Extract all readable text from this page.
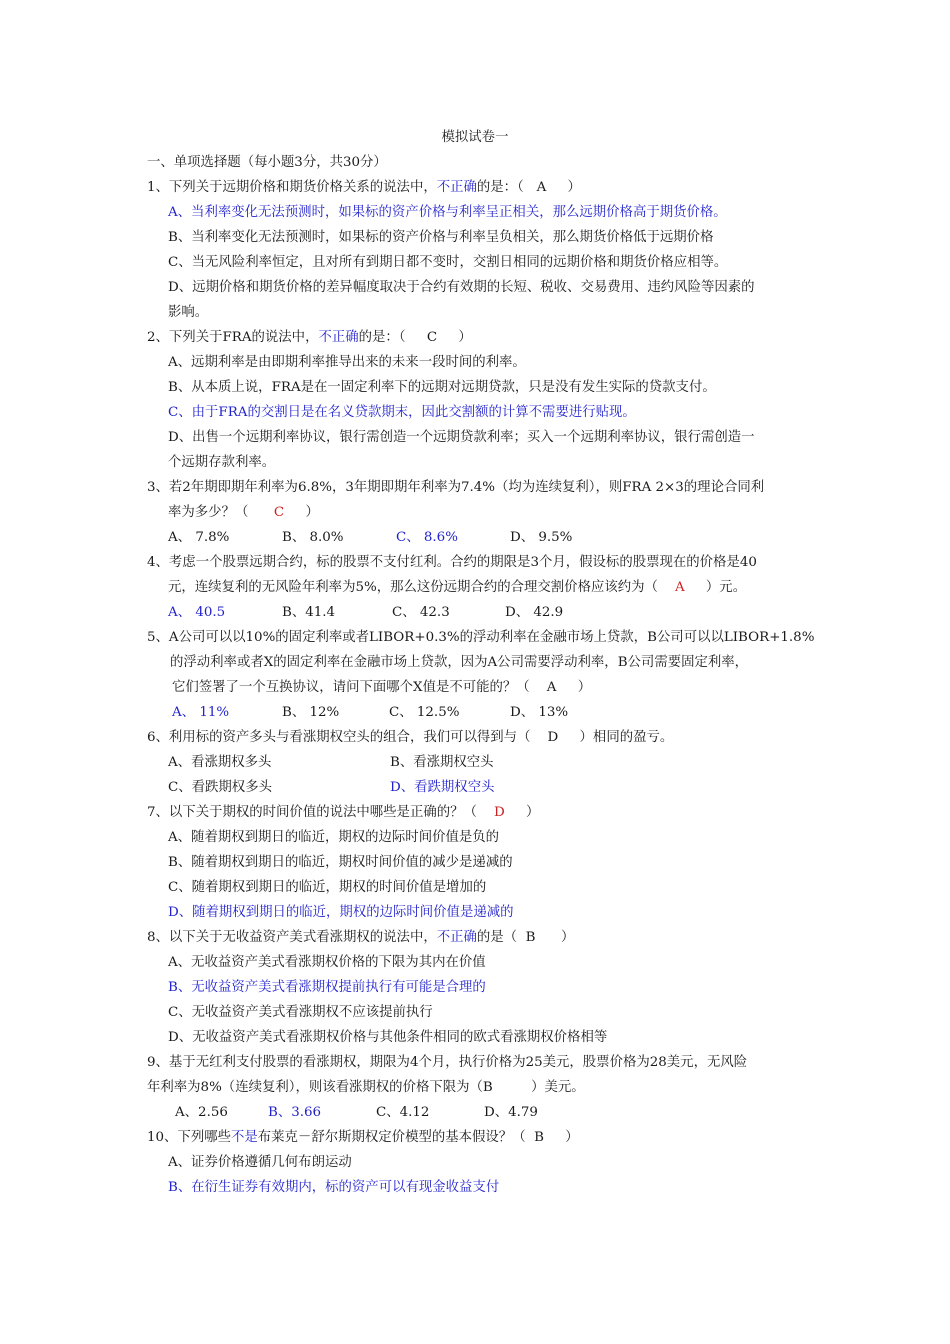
模拟试卷一
一、单项选择题（每小题3分，共30分）
1、下列关于远期价格和期货价格关系的说法中，不正确的是：（ A ）
A、当利率变化无法预测时，如果标的资产价格与利率呈正相关，那么远期价格高于期货价格。
B、当利率变化无法预测时，如果标的资产价格与利率呈负相关，那么期货价格低于远期价格
C、当无风险利率恒定，且对所有到期日都不变时，交割日相同的远期价格和期货价格应相等。
D、远期价格和期货价格的差异幅度取决于合约有效期的长短、税收、交易费用、违约风险等因素的
影响。
2、下列关于FRA的说法中，不正确的是：（ C ）
A、远期利率是由即期利率推导出来的未来一段时间的利率。
B、从本质上说，FRA是在一固定利率下的远期对远期贷款，只是没有发生实际的贷款支付。
C、由于FRA的交割日是在名义贷款期末，因此交割额的计算不需要进行贴现。
D、出售一个远期利率协议，银行需创造一个远期贷款利率；买入一个远期利率协议，银行需创造一
个远期存款利率。
3、若2年期即期年利率为6.8%，3年期即期年利率为7.4%（均为连续复利），则FRA 2×3的理论合同利
率为多少？（ C ）
A、 7.8%	B、 8.0%	C、 8.6%	D、 9.5%
4、考虑一个股票远期合约，标的股票不支付红利。合约的期限是3个月，假设标的股票现在的价格是40
元，连续复利的无风险年利率为5%，那么这份远期合约的合理交割价格应该约为（ A ）元。
A、 40.5	B、41.4	C、 42.3	D、 42.9
5、A公司可以以10%的固定利率或者LIBOR+0.3%的浮动利率在金融市场上贷款，B公司可以以LIBOR+1.8%
的浮动利率或者X的固定利率在金融市场上贷款，因为A公司需要浮动利率，B公司需要固定利率，
它们签署了一个互换协议，请问下面哪个X值是不可能的？（ A ）
A、 11%	B、 12%	C、 12.5%	D、 13%
6、利用标的资产多头与看涨期权空头的组合，我们可以得到与（ D ）相同的盈亏。
A、看涨期权多头	B、看涨期权空头
C、看跌期权多头	D、看跌期权空头
7、以下关于期权的时间价值的说法中哪些是正确的？（ D ）
A、随着期权到期日的临近，期权的边际时间价值是负的
B、随着期权到期日的临近，期权时间价值的减少是递减的
C、随着期权到期日的临近，期权的时间价值是增加的
D、随着期权到期日的临近，期权的边际时间价值是递减的
8、以下关于无收益资产美式看涨期权的说法中，不正确的是（ B ）
A、无收益资产美式看涨期权价格的下限为其内在价值
B、无收益资产美式看涨期权提前执行有可能是合理的
C、无收益资产美式看涨期权不应该提前执行
D、无收益资产美式看涨期权价格与其他条件相同的欧式看涨期权价格相等
9、基于无红利支付股票的看涨期权，期限为4个月，执行价格为25美元，股票价格为28美元，无风险
年利率为8%（连续复利），则该看涨期权的价格下限为（B	）美元。
A、2.56	B、3.66	C、4.12	D、4.79
10、下列哪些不是布莱克－舒尔斯期权定价模型的基本假设？（ B ）
A、证券价格遵循几何布朗运动
B、在衍生证券有效期内，标的资产可以有现金收益支付
